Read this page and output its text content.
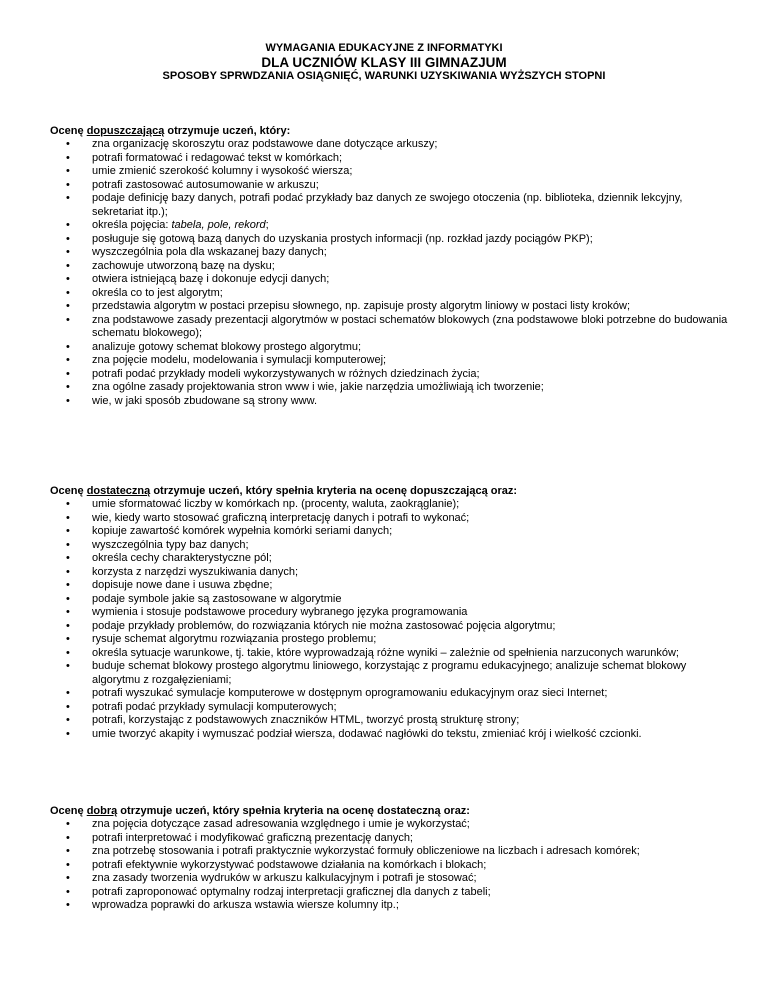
WYMAGANIA EDUKACYJNE Z INFORMATYKI

DLA UCZNIÓW KLASY III GIMNAZJUM

SPOSOBY SPRWDZANIA OSIĄGNIĘĆ, WARUNKI UZYSKIWANIA WYŻSZYCH STOPNI

Ocenę dopuszczającą otrzymuje uczeń, który:

• zna organizację skoroszytu oraz podstawowe dane dotyczące arkuszy;
• potrafi formatować i redagować tekst w komórkach;
• umie zmienić szerokość kolumny i wysokość wiersza;
• potrafi zastosować autosumowanie w arkuszu;
• podaje definicję bazy danych, potrafi podać przykłady baz danych ze swojego otoczenia (np. biblioteka, dziennik lekcyjny, sekretariat itp.);
• określa pojęcia: tabela, pole, rekord;
• posługuje się gotową bazą danych do uzyskania prostych informacji (np. rozkład jazdy pociągów PKP);
• wyszczególnia pola dla wskazanej bazy danych;
• zachowuje utworzoną bazę na dysku;
• otwiera istniejącą bazę i dokonuje edycji danych;
• określa co to jest algorytm;
• przedstawia algorytm w postaci przepisu słownego, np. zapisuje prosty algorytm liniowy w postaci listy kroków;
• zna podstawowe zasady prezentacji algorytmów w postaci schematów blokowych (zna podstawowe bloki potrzebne do budowania schematu blokowego);
• analizuje gotowy schemat blokowy prostego algorytmu;
• zna pojęcie modelu, modelowania i symulacji komputerowej;
• potrafi podać przykłady modeli wykorzystywanych w różnych dziedzinach życia;
• zna ogólne zasady projektowania stron www i wie, jakie narzędzia umożliwiają ich tworzenie;
• wie, w jaki sposób zbudowane są strony www.

Ocenę dostateczną otrzymuje uczeń, który spełnia kryteria na ocenę dopuszczającą oraz:

• umie sformatować liczby w komórkach np. (procenty, waluta, zaokrąglanie);
• wie, kiedy warto stosować graficzną interpretację danych i potrafi to wykonać;
• kopiuje zawartość komórek wypełnia komórki seriami danych;
• wyszczególnia typy baz danych;
• określa cechy charakterystyczne pól;
• korzysta z narzędzi wyszukiwania danych;
• dopisuje nowe dane i usuwa zbędne;
• podaje symbole jakie są zastosowane w algorytmie
• wymienia i stosuje podstawowe procedury wybranego języka programowania
• podaje przykłady problemów, do rozwiązania których nie można zastosować pojęcia algorytmu;
• rysuje schemat algorytmu rozwiązania prostego problemu;
• określa sytuacje warunkowe, tj. takie, które wyprowadzają różne wyniki – zależnie od spełnienia narzuconych warunków;
• buduje schemat blokowy prostego algorytmu liniowego, korzystając z programu edukacyjnego; analizuje schemat blokowy algorytmu z rozgałęzieniami;
• potrafi wyszukać symulacje komputerowe w dostępnym oprogramowaniu edukacyjnym oraz sieci Internet;
• potrafi podać przykłady symulacji komputerowych;
• potrafi, korzystając z podstawowych znaczników HTML, tworzyć prostą strukturę strony;
• umie tworzyć akapity i wymuszać podział wiersza, dodawać nagłówki do tekstu, zmieniać krój i wielkość czcionki.

Ocenę dobrą otrzymuje uczeń, który spełnia kryteria na ocenę dostateczną oraz:

• zna pojęcia dotyczące zasad adresowania względnego i umie je wykorzystać;
• potrafi interpretować i modyfikować graficzną prezentację danych;
• zna potrzebę stosowania i potrafi praktycznie wykorzystać formuły obliczeniowe na liczbach i adresach komórek;
• potrafi efektywnie wykorzystywać podstawowe działania na komórkach i blokach;
• zna zasady tworzenia wydruków w arkuszu kalkulacyjnym i potrafi je stosować;
• potrafi zaproponować optymalny rodzaj interpretacji graficznej dla danych z tabeli;
• wprowadza poprawki do arkusza wstawia wiersze kolumny itp.;
